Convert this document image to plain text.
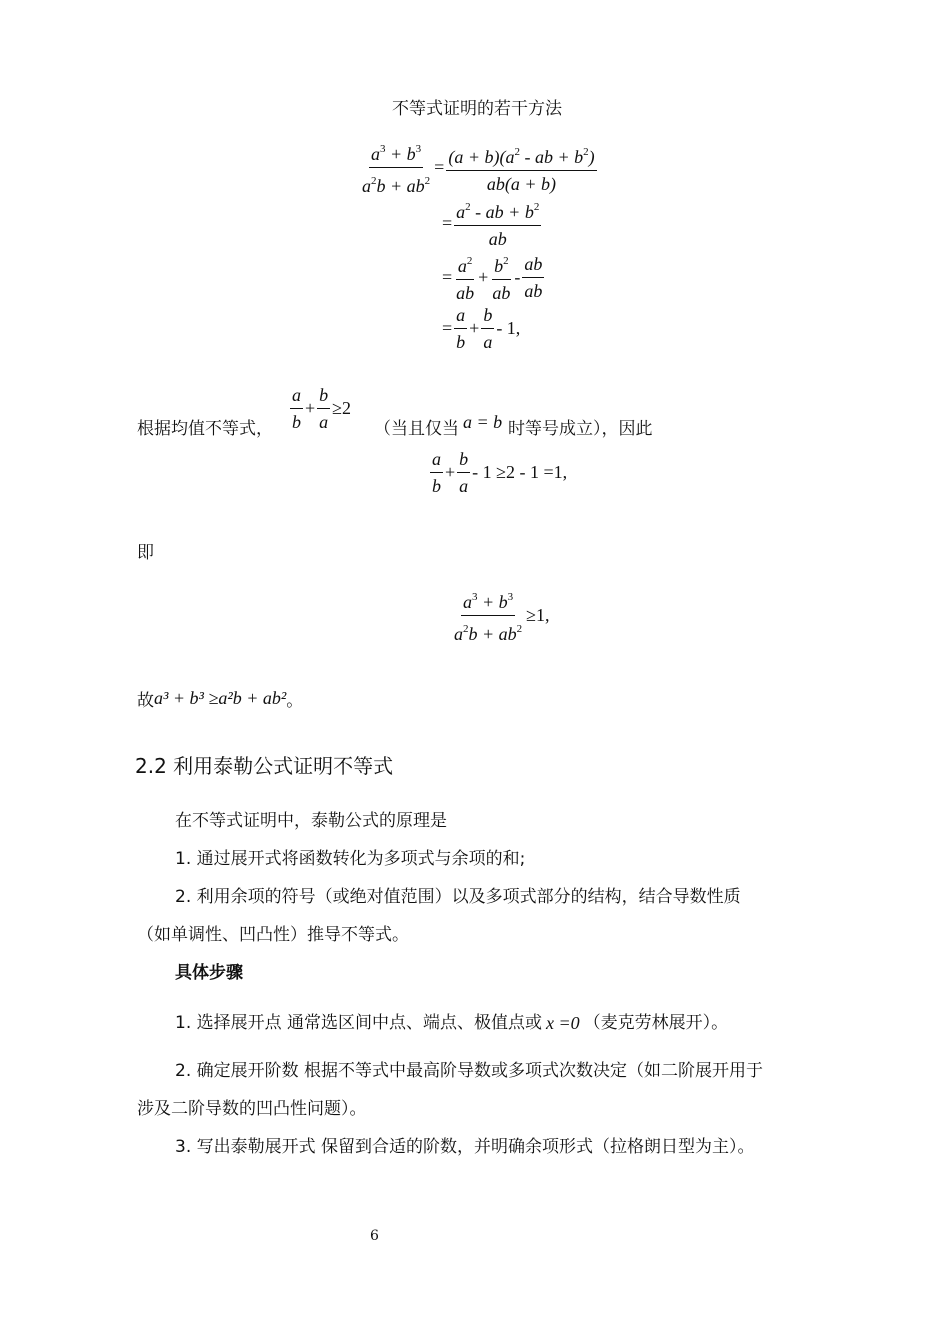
不等式证明的若干方法
$\frac{a^3 + b^3}{a^2b + ab^2} = \frac{(a + b)(a^2 - ab + b^2)}{ab(a + b)}$
= $\frac{a^2 - ab + b^2}{ab}$
= $\frac{a^2}{ab} + \frac{b^2}{ab} - \frac{ab}{ab}$
= $\frac{a}{b} + \frac{b}{a} - 1$,
根据均值不等式， $\frac{a}{b} + \frac{b}{a} \ge 2$
（当且仅当 a = b 时等号成立），因此
$\frac{a}{b} + \frac{b}{a} - 1 \ge 2 - 1 =1$,
即
$\frac{a^3 + b^3}{a^2b + ab^2} \ge 1$,
故 a³ + b³ ≥a²b + ab² 。
2.2 利用泰勒公式证明不等式
在不等式证明中，泰勒公式的原理是
1. 通过展开式将函数转化为多项式与余项的和;
2. 利用余项的符号（或绝对值范围）以及多项式部分的结构，结合导数性质
（如单调性、凹凸性）推导不等式。
具体步骤
1. 选择展开点 通常选区间中点、端点、极值点或 x =0 （麦克劳林展开）。
2. 确定展开阶数 根据不等式中最高阶导数或多项式次数决定（如二阶展开用于
涉及二阶导数的凹凸性问题）。
3. 写出泰勒展开式 保留到合适的阶数，并明确余项形式（拉格朗日型为主）。
6
